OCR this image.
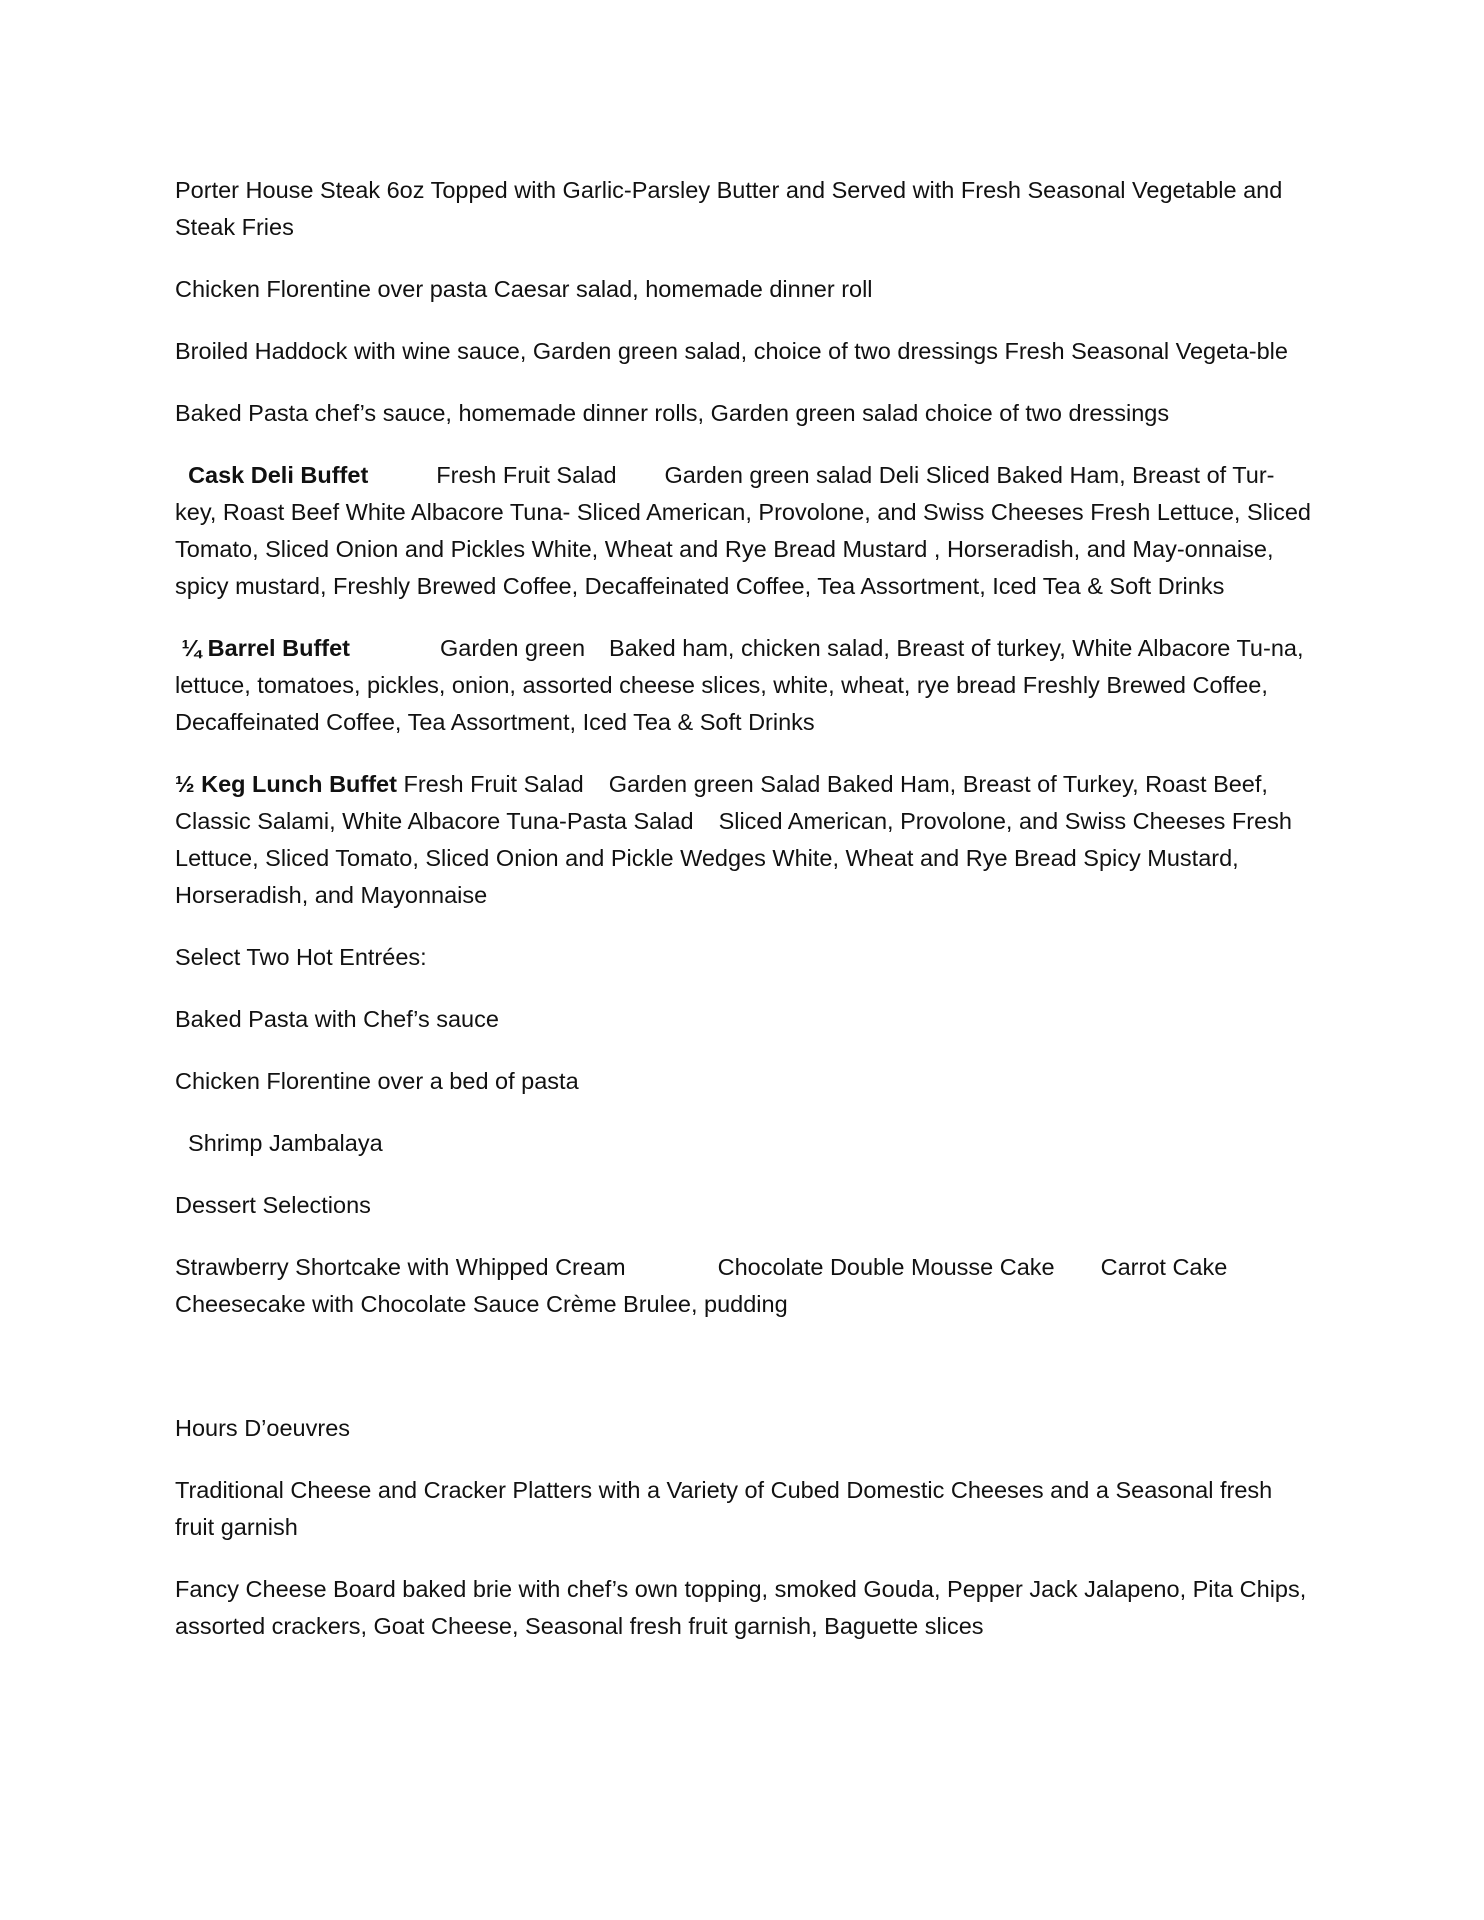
Porter House Steak 6oz Topped with Garlic-Parsley Butter and Served with Fresh Seasonal Vegetable and Steak Fries

Chicken Florentine over pasta Caesar salad, homemade dinner roll

Broiled Haddock with wine sauce, Garden green salad, choice of two dressings Fresh Seasonal Vegeta-ble

Baked Pasta chef’s sauce, homemade dinner rolls, Garden green salad choice of two dressings

Cask Deli Buffet	Fresh Fruit Salad Garden green salad Deli Sliced Baked Ham, Breast of Tur-key, Roast Beef White Albacore Tuna- Sliced American, Provolone, and Swiss Cheeses Fresh Lettuce, Sliced Tomato, Sliced Onion and Pickles White, Wheat and Rye Bread Mustard , Horseradish, and May-onnaise, spicy mustard, Freshly Brewed Coffee, Decaffeinated Coffee, Tea Assortment, Iced Tea & Soft Drinks

¼ Barrel Buffet	Garden green Baked ham, chicken salad, Breast of turkey, White Albacore Tu-na, lettuce, tomatoes, pickles, onion, assorted cheese slices, white, wheat, rye bread Freshly Brewed Coffee, Decaffeinated Coffee, Tea Assortment, Iced Tea & Soft Drinks

½ Keg Lunch Buffet Fresh Fruit Salad Garden green Salad Baked Ham, Breast of Turkey, Roast Beef, Classic Salami, White Albacore Tuna-Pasta Salad Sliced American, Provolone, and Swiss Cheeses Fresh Lettuce, Sliced Tomato, Sliced Onion and Pickle Wedges White, Wheat and Rye Bread Spicy Mustard, Horseradish, and Mayonnaise

Select Two Hot Entrées:

Baked Pasta with Chef’s sauce

Chicken Florentine over a bed of pasta

Shrimp Jambalaya

Dessert Selections

Strawberry Shortcake with Whipped Cream	Chocolate Double Mousse Cake Carrot Cake Cheesecake with Chocolate Sauce Crème Brulee, pudding

Hours D’oeuvres

Traditional Cheese and Cracker Platters with a Variety of Cubed Domestic Cheeses and a Seasonal fresh fruit garnish

Fancy Cheese Board baked brie with chef’s own topping, smoked Gouda, Pepper Jack Jalapeno, Pita Chips, assorted crackers, Goat Cheese, Seasonal fresh fruit garnish, Baguette slices
